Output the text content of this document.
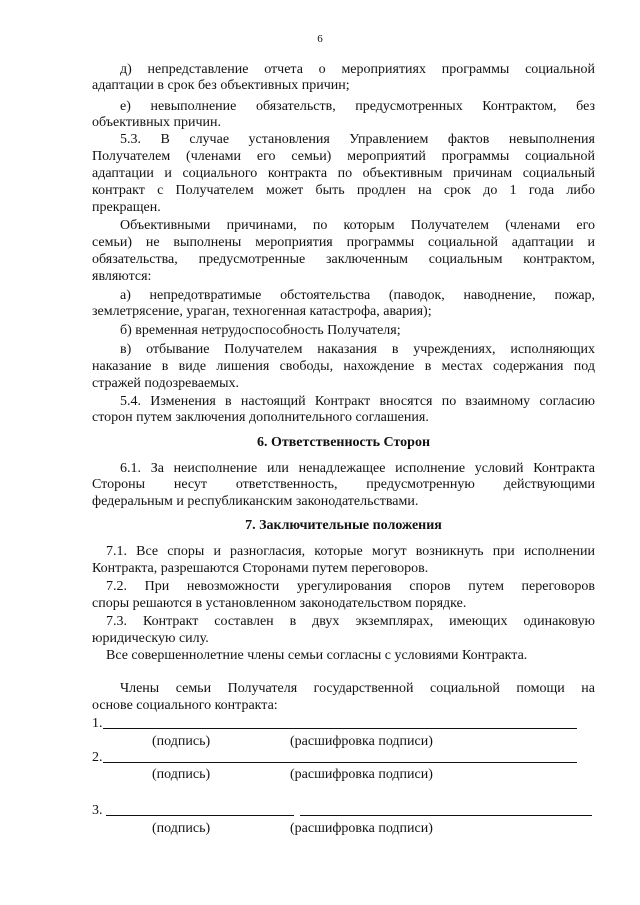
6
д) непредставление отчета о мероприятиях программы социальной
адаптации в срок без объективных причин;
е) невыполнение обязательств, предусмотренных Контрактом, без
объективных причин.
5.3. В случае установления Управлением фактов невыполнения
Получателем (членами его семьи) мероприятий программы социальной
адаптации и социального контракта по объективным причинам социальный
контракт с Получателем может быть продлен на срок до 1 года либо
прекращен.
Объективными причинами, по которым Получателем (членами его
семьи) не выполнены мероприятия программы социальной адаптации и
обязательства, предусмотренные заключенным социальным контрактом,
являются:
а) непредотвратимые обстоятельства (паводок, наводнение, пожар,
землетрясение, ураган, техногенная катастрофа, авария);
б) временная нетрудоспособность Получателя;
в) отбывание Получателем наказания в учреждениях, исполняющих
наказание в виде лишения свободы, нахождение в местах содержания под
стражей подозреваемых.
5.4. Изменения в настоящий Контракт вносятся по взаимному согласию
сторон путем заключения дополнительного соглашения.
6. Ответственность Сторон
6.1. За неисполнение или ненадлежащее исполнение условий Контракта
Стороны несут ответственность, предусмотренную действующими
федеральным и республиканским законодательствами.
7. Заключительные положения
7.1. Все споры и разногласия, которые могут возникнуть при исполнении
Контракта, разрешаются Сторонами путем переговоров.
7.2. При невозможности урегулирования споров путем переговоров
споры решаются в установленном законодательством порядке.
7.3. Контракт составлен в двух экземплярах, имеющих одинаковую
юридическую силу.
Все совершеннолетние члены семьи согласны с условиями Контракта.
Члены семьи Получателя государственной социальной помощи на
основе социального контракта:
1.
(подпись)	(расшифровка подписи)
2.
(подпись)	(расшифровка подписи)
3.
(подпись)	(расшифровка подписи)
